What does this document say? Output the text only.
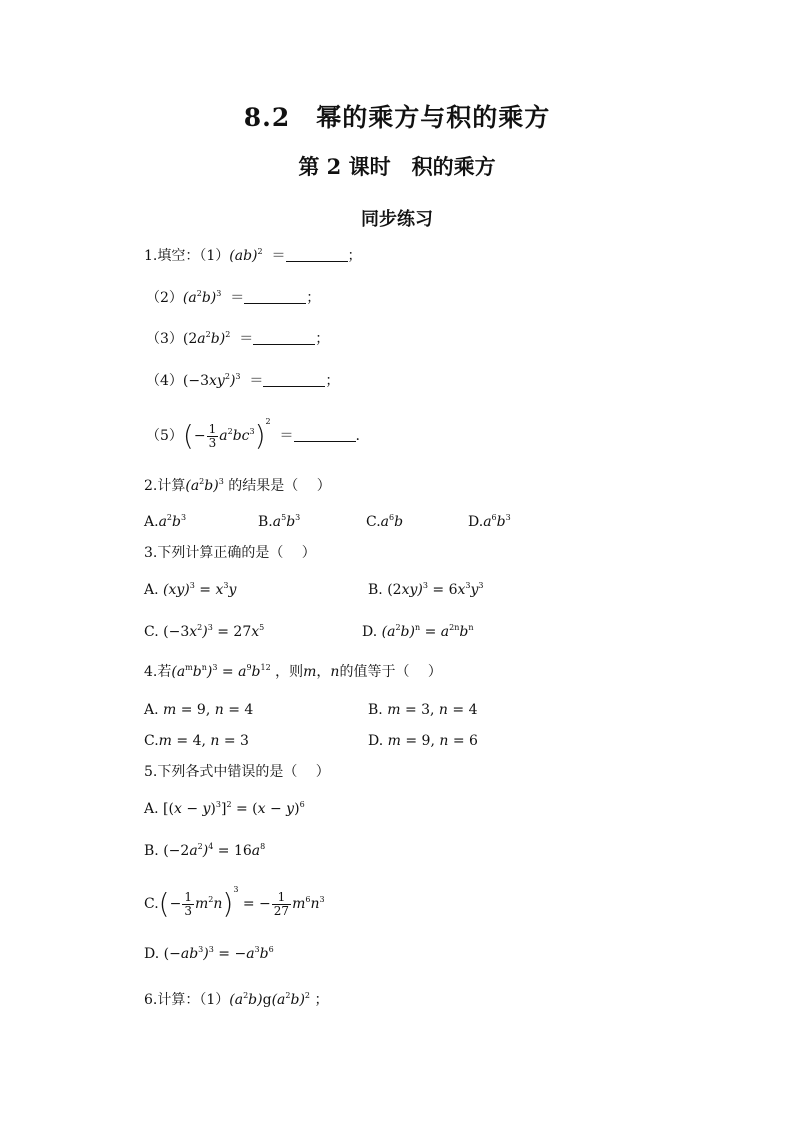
8.2　幂的乘方与积的乘方
第 2 课时　积的乘方
同步练习
1.填空：（1）(ab)$^2$ ＝	；
$(2)(a^2b)^3$ ＝	；
$(3)(2a^2b)^2$ ＝	；
$(4)(-3xy^2)^3$ ＝	；
$(5)(- \frac{1}{3} a^2bc^3)^2$  ＝	.
2.计算$(a^2b)^3$ 的结果是（　 ）
$A.a^2b^3$	$B.a^5b^3$	$C.a^6b$	$D.a^6b^3$
3.下列计算正确的是（　 ）
A. $(xy)^3 = x^3y$	B. $(2xy)^3 = 6x^3y^3$
C. $(-3x^2)^3 = 27x^5$	D. $(a^2b)^n = a^{2n}b^n$
4.若$(a^mb^n)^3 = a^9b^{12}$ ，则m，n的值等于（　 ）
A. m = 9, n = 4	B. m = 3, n = 4
C.m = 4, n = 3	D. m = 9, n = 6
5.下列各式中错误的是（　 ）
A. $[(x - y)^3]^2 = (x - y)^6$
B. $(-2a^2)^4 = 16a^8$
$C.(- \frac{1}{3} m^2n)^3$ = − $\frac{1}{27} m^6n^3$
D. $(-ab^3)^3 = -a^3b^6$
6.计算：$(1)(a^2b)g(a^2b)^2$ ；
